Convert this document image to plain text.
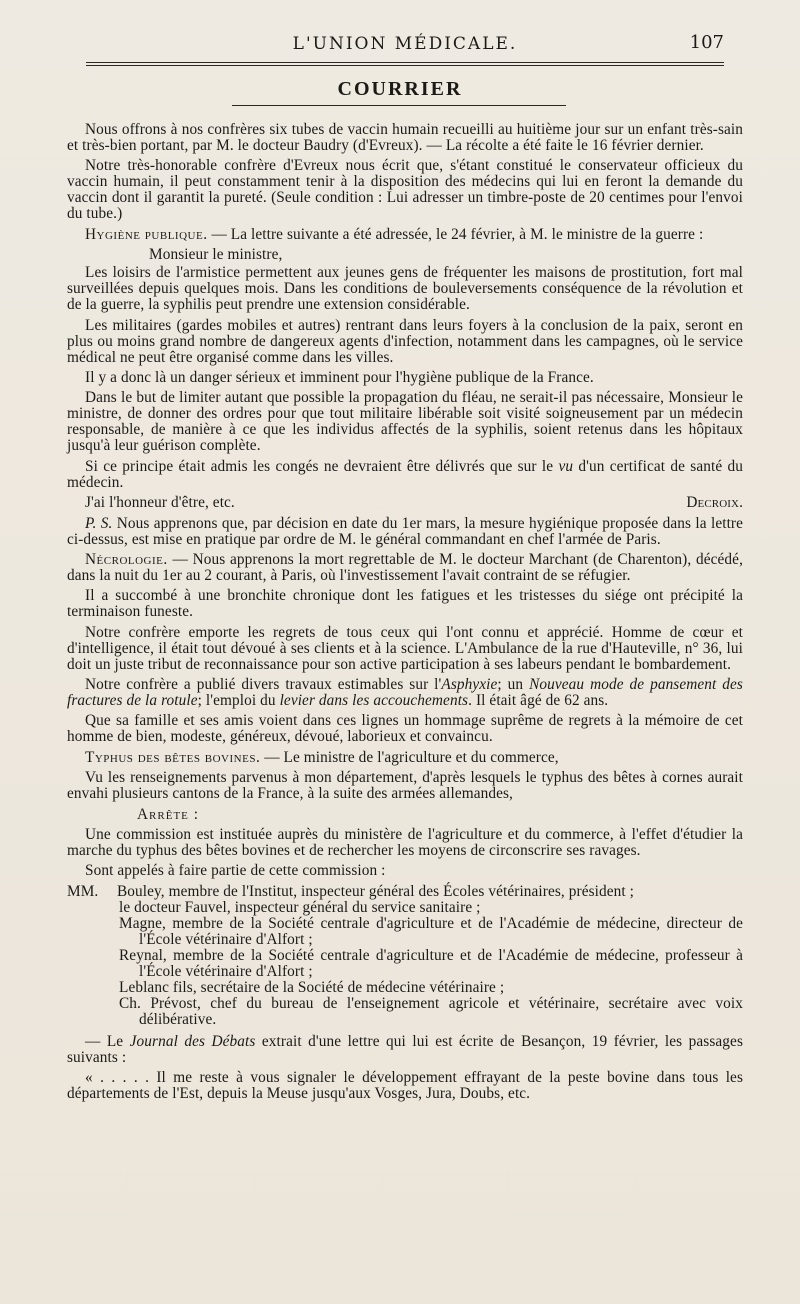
L'UNION MÉDICALE.	107
COURRIER

Nous offrons à nos confrères six tubes de vaccin humain recueilli au huitième jour sur un enfant très-sain et très-bien portant, par M. le docteur Baudry (d'Evreux). — La récolte a été faite le 16 février dernier.

Notre très-honorable confrère d'Evreux nous écrit que, s'étant constitué le conservateur officieux du vaccin humain, il peut constamment tenir à la disposition des médecins qui lui en feront la demande du vaccin dont il garantit la pureté. (Seule condition : Lui adresser un timbre-poste de 20 centimes pour l'envoi du tube.)

Hygiène publique. — La lettre suivante a été adressée, le 24 février, à M. le ministre de la guerre :

Monsieur le ministre,

Les loisirs de l'armistice permettent aux jeunes gens de fréquenter les maisons de prostitution, fort mal surveillées depuis quelques mois. Dans les conditions de bouleversements conséquence de la révolution et de la guerre, la syphilis peut prendre une extension considérable.

Les militaires (gardes mobiles et autres) rentrant dans leurs foyers à la conclusion de la paix, seront en plus ou moins grand nombre de dangereux agents d'infection, notamment dans les campagnes, où le service médical ne peut être organisé comme dans les villes.

Il y a donc là un danger sérieux et imminent pour l'hygiène publique de la France.

Dans le but de limiter autant que possible la propagation du fléau, ne serait-il pas nécessaire, Monsieur le ministre, de donner des ordres pour que tout militaire libérable soit visité soigneusement par un médecin responsable, de manière à ce que les individus affectés de la syphilis, soient retenus dans les hôpitaux jusqu'à leur guérison complète.

Si ce principe était admis les congés ne devraient être délivrés que sur le vu d'un certificat de santé du médecin.

J'ai l'honneur d'être, etc.	Decroix.

P. S. Nous apprenons que, par décision en date du 1er mars, la mesure hygiénique proposée dans la lettre ci-dessus, est mise en pratique par ordre de M. le général commandant en chef l'armée de Paris.

Nécrologie. — Nous apprenons la mort regrettable de M. le docteur Marchant (de Charenton), décédé, dans la nuit du 1er au 2 courant, à Paris, où l'investissement l'avait contraint de se réfugier.

Il a succombé à une bronchite chronique dont les fatigues et les tristesses du siége ont précipité la terminaison funeste.

Notre confrère emporte les regrets de tous ceux qui l'ont connu et apprécié. Homme de cœur et d'intelligence, il était tout dévoué à ses clients et à la science. L'Ambulance de la rue d'Hauteville, n° 36, lui doit un juste tribut de reconnaissance pour son active participation à ses labeurs pendant le bombardement.

Notre confrère a publié divers travaux estimables sur l'Asphyxie; un Nouveau mode de pansement des fractures de la rotule; l'emploi du levier dans les accouchements. Il était âgé de 62 ans.

Que sa famille et ses amis voient dans ces lignes un hommage suprême de regrets à la mémoire de cet homme de bien, modeste, généreux, dévoué, laborieux et convaincu.

Typhus des bêtes bovines. — Le ministre de l'agriculture et du commerce,

Vu les renseignements parvenus à mon département, d'après lesquels le typhus des bêtes à cornes aurait envahi plusieurs cantons de la France, à la suite des armées allemandes,

Arrête :

Une commission est instituée auprès du ministère de l'agriculture et du commerce, à l'effet d'étudier la marche du typhus des bêtes bovines et de rechercher les moyens de circonscrire ses ravages.

Sont appelés à faire partie de cette commission :

MM. Bouley, membre de l'Institut, inspecteur général des Écoles vétérinaires, président ;

le docteur Fauvel, inspecteur général du service sanitaire ;

Magne, membre de la Société centrale d'agriculture et de l'Académie de médecine, directeur de l'École vétérinaire d'Alfort ;

Reynal, membre de la Société centrale d'agriculture et de l'Académie de médecine, professeur à l'École vétérinaire d'Alfort ;

Leblanc fils, secrétaire de la Société de médecine vétérinaire ;

Ch. Prévost, chef du bureau de l'enseignement agricole et vétérinaire, secrétaire avec voix délibérative.

— Le Journal des Débats extrait d'une lettre qui lui est écrite de Besançon, 19 février, les passages suivants :

« . . . . . Il me reste à vous signaler le développement effrayant de la peste bovine dans tous les départements de l'Est, depuis la Meuse jusqu'aux Vosges, Jura, Doubs, etc.
